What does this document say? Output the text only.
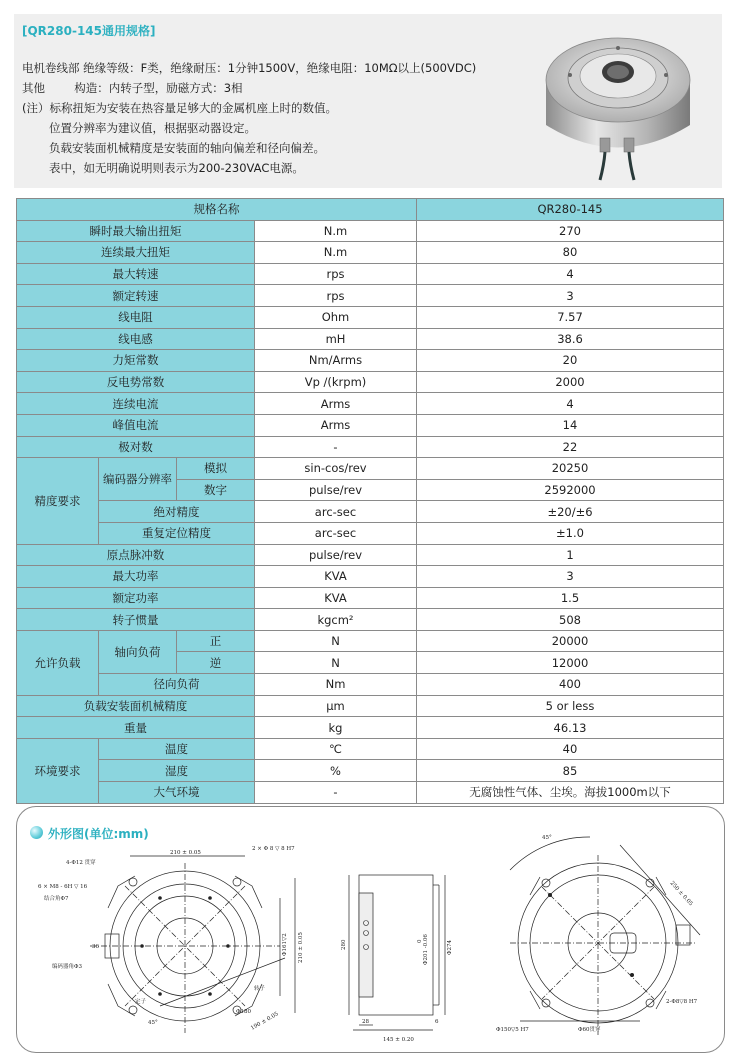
[QR280-145通用规格]
电机卷线部 绝缘等级：F类，绝缘耐压：1分钟1500V，绝缘电阻：10MΩ以上(500VDC)
其他        构造：内转子型，励磁方式：3相
(注）标称扭矩为安装在热容量足够大的金属机座上时的数值。
位置分辨率为建议值，根据驱动器设定。
负载安装面机械精度是安装面的轴向偏差和径向偏差。
表中，如无明确说明则表示为200-230VAC电源。
规格名称				QR280-145
瞬时最大输出扭矩			N.m	270
连续最大扭矩			N.m	80
最大转速			rps	4
额定转速			rps	3
线电阻			Ohm	7.57
线电感			mH	38.6
力矩常数			Nm/Arms	20
反电势常数			Vp /(krpm)	2000
连续电流			Arms	4
峰值电流			Arms	14
极对数			-	22
精度要求	编码器分辨率	模拟	sin-cos/rev	20250
		数字	pulse/rev	2592000
	绝对精度		arc-sec	±20/±6
	重复定位精度		arc-sec	±1.0
原点脉冲数			pulse/rev	1
最大功率			KVA	3
额定功率			KVA	1.5
转子惯量			kgcm²	508
允许负载	轴向负荷	正	N	20000
		逆	N	12000
	径向负荷		Nm	400
负载安装面机械精度			μm	5 or less
重量			kg	46.13
环境要求	温度		℃	40
	湿度		%	85
	大气环境		-	无腐蚀性气体、尘埃。海拔1000m以下
外形图(单位:mm)
210 ± 0.05
2 × Φ 8 ▽ 8 H7
4-Φ12 贯穿
6 × M8 - 6H ▽ 16
结合角Φ7
编码器角Φ3
36	Φ161▽2 210 ± 0.05
转子
Φ180
190 ± 0.05
定子
45°
280	Φ201 -0.06
0	Φ274
28	6
145 ± 0.20
45°
250 ± 0.05
2-Φ8▽8 H7
Φ150▽5 H7	Φ60贯穿
